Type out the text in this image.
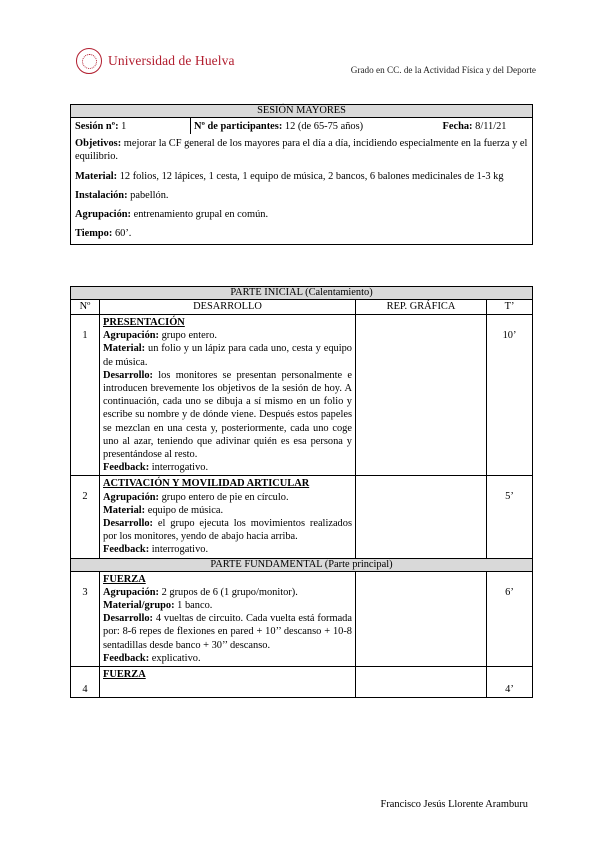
Universidad de Huelva
Grado en CC. de la Actividad Física y del Deporte
SESIÓN MAYORES
Sesión nº: 1	Nº de participantes: 12 (de 65-75 años)	Fecha: 8/11/21
Objetivos: mejorar la CF general de los mayores para el día a día, incidiendo especialmente en la fuerza y el equilibrio.
Material: 12 folios, 12 lápices, 1 cesta, 1 equipo de música, 2 bancos, 6 balones medicinales de 1-3 kg
Instalación: pabellón.
Agrupación: entrenamiento grupal en común.
Tiempo: 60’.
PARTE INICIAL (Calentamiento)			
Nº	DESARROLLO	REP. GRÁFICA	T’
1	PRESENTACIÓN
Agrupación: grupo entero.
Material: un folio y un lápiz para cada uno, cesta y equipo de música.
Desarrollo: los monitores se presentan personalmente e introducen brevemente los objetivos de la sesión de hoy. A continuación, cada uno se dibuja a sí mismo en un folio y escribe su nombre y de dónde viene. Después estos papeles se mezclan en una cesta y, posteriormente, cada uno coge uno al azar, teniendo que adivinar quién es esa persona y presentándose al resto.
Feedback: interrogativo.		10’
2	ACTIVACIÓN Y MOVILIDAD ARTICULAR
Agrupación: grupo entero de pie en círculo.
Material: equipo de música.
Desarrollo: el grupo ejecuta los movimientos realizados por los monitores, yendo de abajo hacia arriba.
Feedback: interrogativo.		5’
PARTE FUNDAMENTAL (Parte principal)			
3	FUERZA
Agrupación: 2 grupos de 6 (1 grupo/monitor).
Material/grupo: 1 banco.
Desarrollo: 4 vueltas de circuito. Cada vuelta está formada por: 8-6 repes de flexiones en pared + 10’’ descanso + 10-8 sentadillas desde banco + 30’’ descanso.
Feedback: explicativo.		6’
4	FUERZA		4’
Francisco Jesús Llorente Aramburu
